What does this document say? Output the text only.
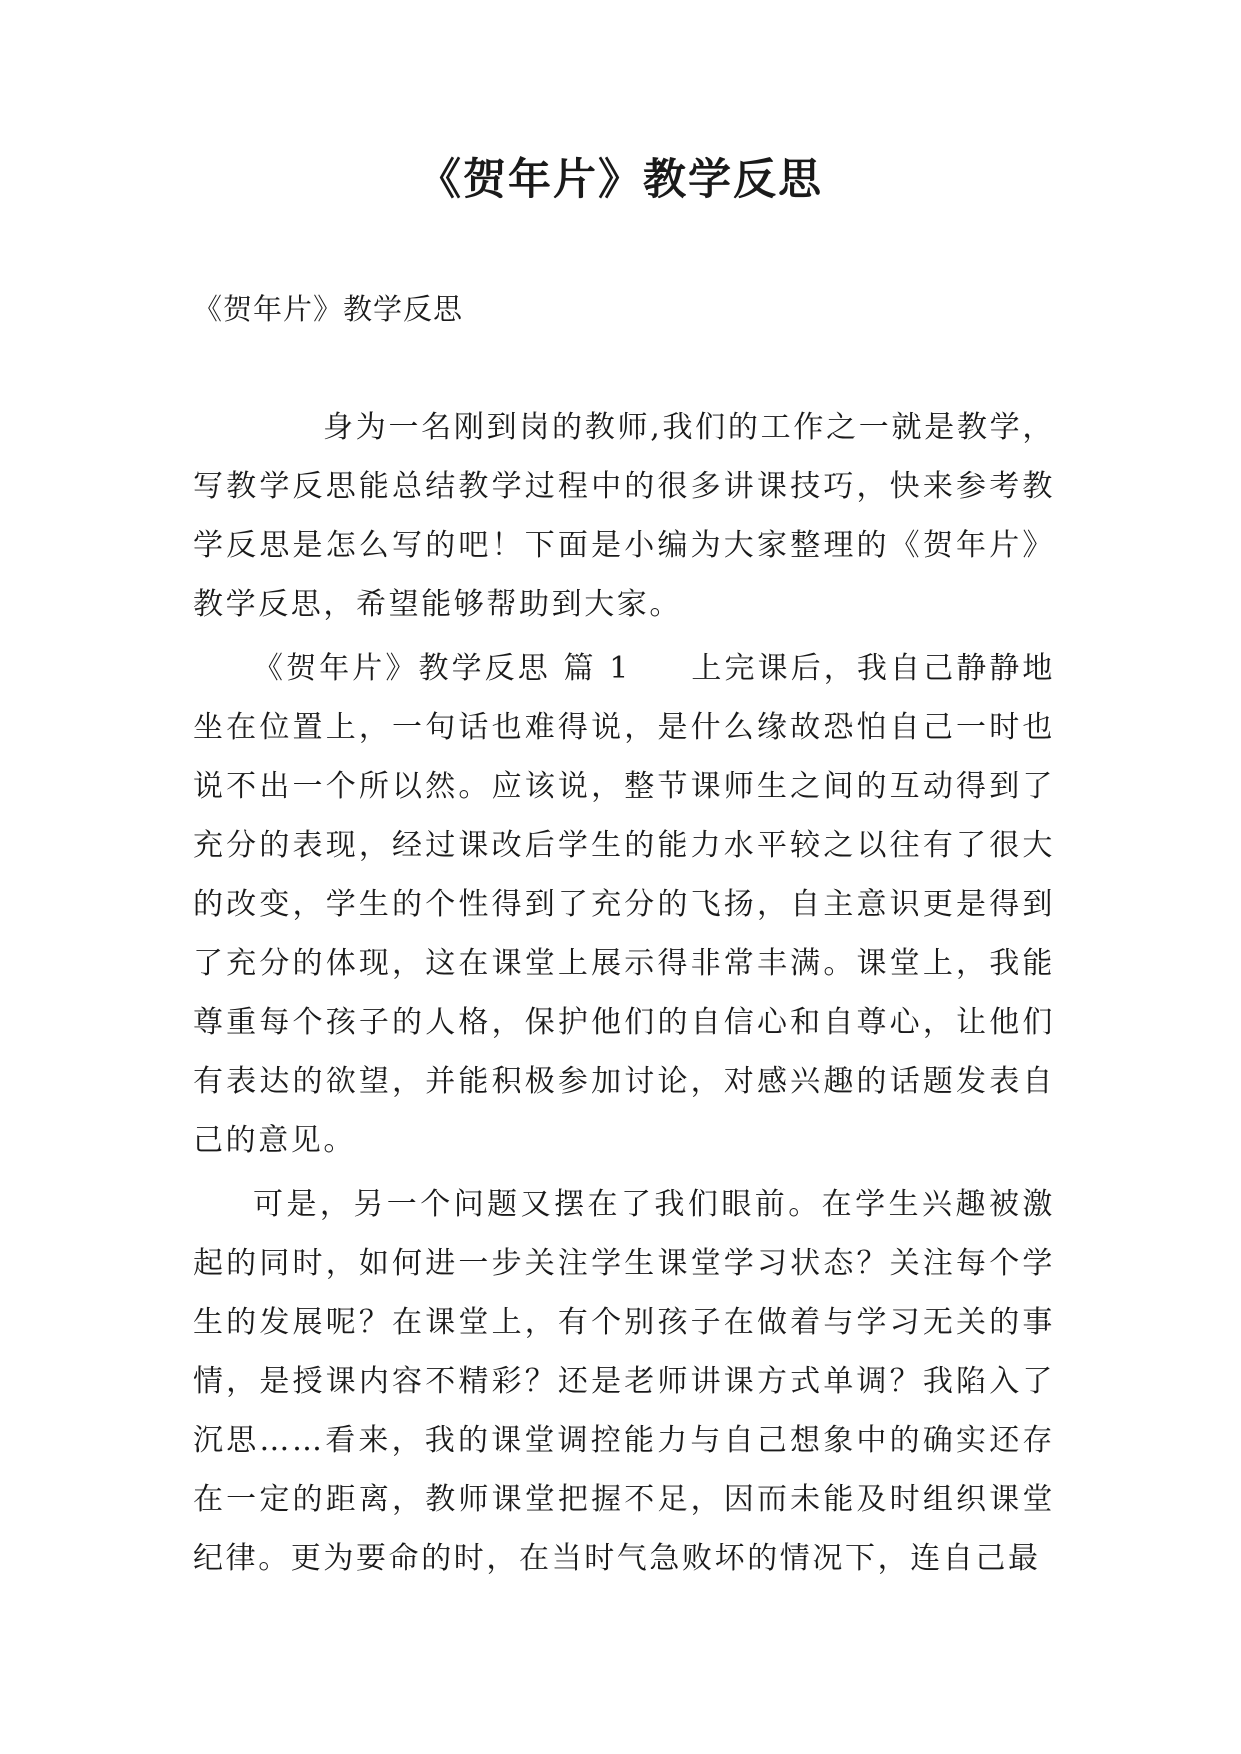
《贺年片》教学反思

《贺年片》教学反思

身为一名刚到岗的教师,我们的工作之一就是教学，写教学反思能总结教学过程中的很多讲课技巧，快来参考教学反思是怎么写的吧！下面是小编为大家整理的《贺年片》教学反思，希望能够帮助到大家。

《贺年片》教学反思 篇 1 上完课后，我自己静静地坐在位置上，一句话也难得说，是什么缘故恐怕自己一时也说不出一个所以然。应该说，整节课师生之间的互动得到了充分的表现，经过课改后学生的能力水平较之以往有了很大的改变，学生的个性得到了充分的飞扬，自主意识更是得到了充分的体现，这在课堂上展示得非常丰满。课堂上，我能尊重每个孩子的人格，保护他们的自信心和自尊心，让他们有表达的欲望，并能积极参加讨论，对感兴趣的话题发表自己的意见。

可是，另一个问题又摆在了我们眼前。在学生兴趣被激起的同时，如何进一步关注学生课堂学习状态？关注每个学生的发展呢？在课堂上，有个别孩子在做着与学习无关的事情，是授课内容不精彩？还是老师讲课方式单调？我陷入了沉思……看来，我的课堂调控能力与自己想象中的确实还存在一定的距离，教师课堂把握不足，因而未能及时组织课堂纪律。更为要命的时，在当时气急败坏的情况下，连自己最
